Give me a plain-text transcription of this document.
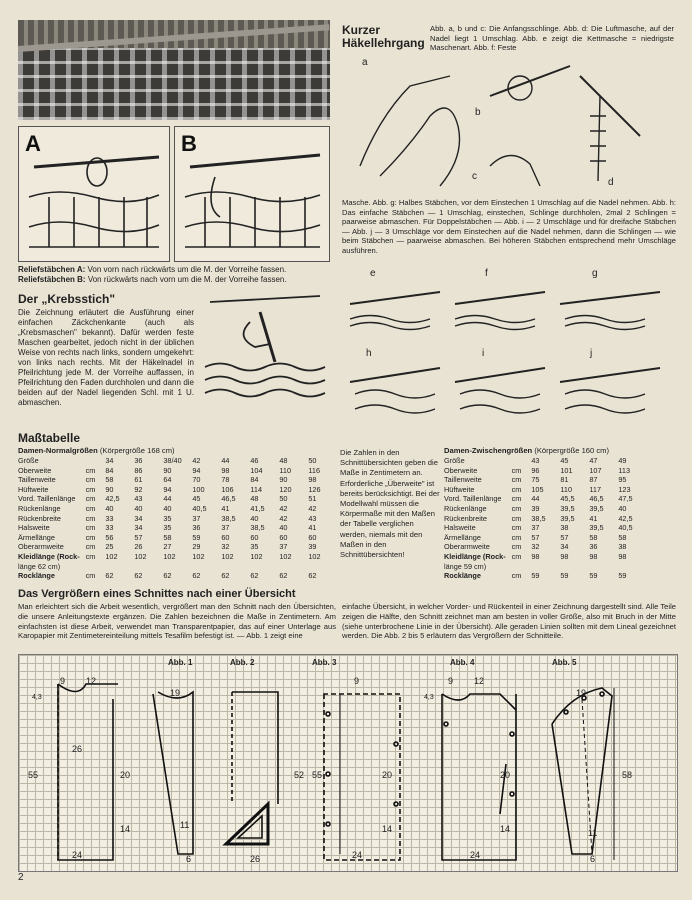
A	B
Reliefstäbchen A: Von vorn nach rückwärts um die M. der Vorreihe fassen.
Reliefstäbchen B: Von rückwärts nach vorn um die M. der Vorreihe fassen.
Der „Krebsstich"
Die Zeichnung erläutert die Ausführung einer einfachen Zäckchenkante (auch als „Krebsmaschen" bekannt). Dafür werden feste Maschen gearbeitet, jedoch nicht in der üblichen Weise von rechts nach links, sondern umgekehrt: von links nach rechts. Mit der Häkelnadel in Pfeilrichtung jede M. der Vorreihe auffassen, in Pfeilrichtung den Faden durchholen und dann die beiden auf der Nadel liegenden Schl. mit 1 U. abmaschen.
Kurzer
Häkellehrgang
Abb. a, b und c: Die Anfangsschlinge. Abb. d: Die Luftmasche, auf der Nadel liegt 1 Umschlag. Abb. e zeigt die Kettmasche = niedrigste Maschenart. Abb. f: Feste
a
b
c
d
Masche. Abb. g: Halbes Stäbchen, vor dem Einstechen 1 Umschlag auf die Nadel nehmen. Abb. h: Das einfache Stäbchen — 1 Umschlag, einstechen, Schlinge durchholen, 2mal 2 Schlingen = paarweise abmaschen. Für Doppelstäbchen — Abb. i — 2 Umschläge und für dreifache Stäbchen — Abb. j — 3 Umschläge vor dem Einstechen auf die Nadel nehmen, dann die Schlingen — wie beim Stäbchen — paarweise abmaschen. Bei höheren Stäbchen entsprechend mehr Umschläge ausführen.
e	f	g
h	i	j
Maßtabelle
Damen-Normalgrößen (Körpergröße 168 cm)
Größe		34	36	38/40	42	44	46	48	50
Oberweite	cm	84	86	90	94	98	104	110	116
Taillenweite	cm	58	61	64	70	78	84	90	98
Hüftweite	cm	90	92	94	100	106	114	120	126
Vord. Taillenlänge	cm	42,5	43	44	45	46,5	48	50	51
Rückenlänge	cm	40	40	40	40,5	41	41,5	42	42
Rückenbreite	cm	33	34	35	37	38,5	40	42	43
Halsweite	cm	33	34	35	36	37	38,5	40	41
Ärmellänge	cm	56	57	58	59	60	60	60	60
Oberarmweite	cm	25	26	27	29	32	35	37	39
Kleidlänge (Rock-	cm	102	102	102	102	102	102	102	102
länge 62 cm)									
Rocklänge	cm	62	62	62	62	62	62	62	62
Die Zahlen in den Schnittübersichten geben die Maße in Zentimetern an. Erforderliche „Überweite" ist bereits berücksichtigt. Bei der Modellwahl müssen die Körpermaße mit den Maßen der Tabelle verglichen werden, niemals mit den Maßen in den Schnittübersichten!
Damen-Zwischengrößen (Körpergröße 160 cm)
Größe		43	45	47	49
Oberweite	cm	96	101	107	113
Taillenweite	cm	75	81	87	95
Hüftweite	cm	105	110	117	123
Vord. Taillenlänge	cm	44	45,5	46,5	47,5
Rückenlänge	cm	39	39,5	39,5	40
Rückenbreite	cm	38,5	39,5	41	42,5
Halsweite	cm	37	38	39,5	40,5
Ärmellänge	cm	57	57	58	58
Oberarmweite	cm	32	34	36	38
Kleidlänge (Rock-	cm	98	98	98	98
länge 59 cm)					
Rocklänge	cm	59	59	59	59
Das Vergrößern eines Schnittes nach einer Übersicht
Man erleichtert sich die Arbeit wesentlich, vergrößert man den Schnitt nach den Übersichten, die unsere Anleitungstexte ergänzen. Die Zahlen bezeichnen die Maße in Zentimetern. Am einfachsten ist diese Arbeit, verwendet man Transparentpapier, das auf einer Unterlage aus Karopapier mit Zentimetereinteilung mittels Tesafilm befestigt ist. — Abb. 1 zeigt eine
einfache Übersicht, in welcher Vorder- und Rückenteil in einer Zeichnung dargestellt sind. Alle Teile zeigen die Hälfte, den Schnitt zeichnet man am besten in voller Größe, also mit Bruch in der Mitte (siehe unterbrochene Linie in der Übersicht). Alle geraden Linien sollten mit dem Lineal gezeichnet werden. Die Abb. 2 bis 5 erläutern das Vergrößern der Schnitteile.
Abb. 1
9 12
4,3
26
55	20
14
24
19
11
6
Abb. 2
26
Abb. 3
55
52	20
14
24
9
Abb. 4
9 12
4,3
20
14
24
Abb. 5
19
58
11
6
2
